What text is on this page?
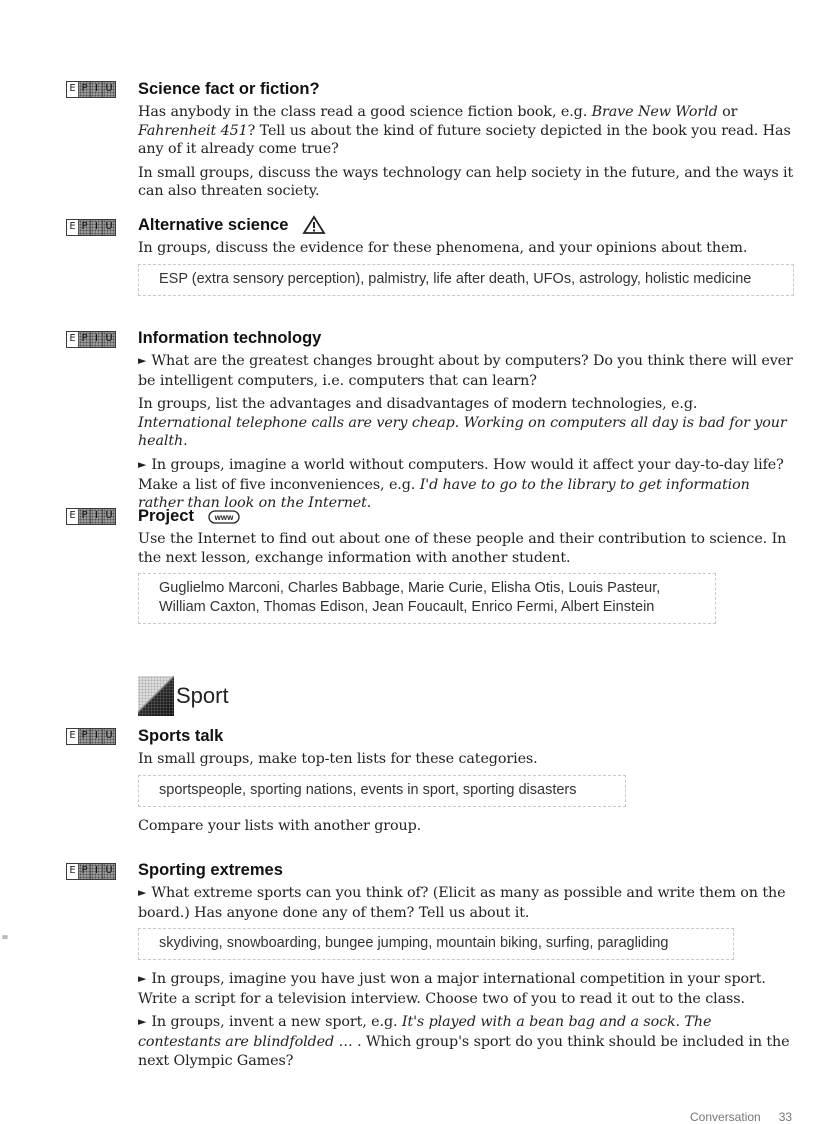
E P I U Science fact or fiction?

Has anybody in the class read a good science fiction book, e.g. Brave New World or Fahrenheit 451? Tell us about the kind of future society depicted in the book you read. Has any of it already come true?

In small groups, discuss the ways technology can help society in the future, and the ways it can also threaten society.

E P I U Alternative science

In groups, discuss the evidence for these phenomena, and your opinions about them.

ESP (extra sensory perception), palmistry, life after death, UFOs, astrology, holistic medicine
E P I U Information technology

► What are the greatest changes brought about by computers? Do you think there will ever be intelligent computers, i.e. computers that can learn?

In groups, list the advantages and disadvantages of modern technologies, e.g. International telephone calls are very cheap. Working on computers all day is bad for your health.

► In groups, imagine a world without computers. How would it affect your day-to-day life? Make a list of five inconveniences, e.g. I'd have to go to the library to get information rather than look on the Internet.

E P I U Project	www

Use the Internet to find out about one of these people and their contribution to science. In the next lesson, exchange information with another student.

Guglielmo Marconi, Charles Babbage, Marie Curie, Elisha Otis, Louis Pasteur,
William Caxton, Thomas Edison, Jean Foucault, Enrico Fermi, Albert Einstein
Sport
E P I U Sports talk

In small groups, make top-ten lists for these categories.

sportspeople, sporting nations, events in sport, sporting disasters

Compare your lists with another group.

E P I U Sporting extremes

► What extreme sports can you think of? (Elicit as many as possible and write them on the board.) Has anyone done any of them? Tell us about it.

skydiving, snowboarding, bungee jumping, mountain biking, surfing, paragliding

► In groups, imagine you have just won a major international competition in your sport. Write a script for a television interview. Choose two of you to read it out to the class.

► In groups, invent a new sport, e.g. It's played with a bean bag and a sock. The contestants are blindfolded … . Which group's sport do you think should be included in the next Olympic Games?

=
Conversation 33
